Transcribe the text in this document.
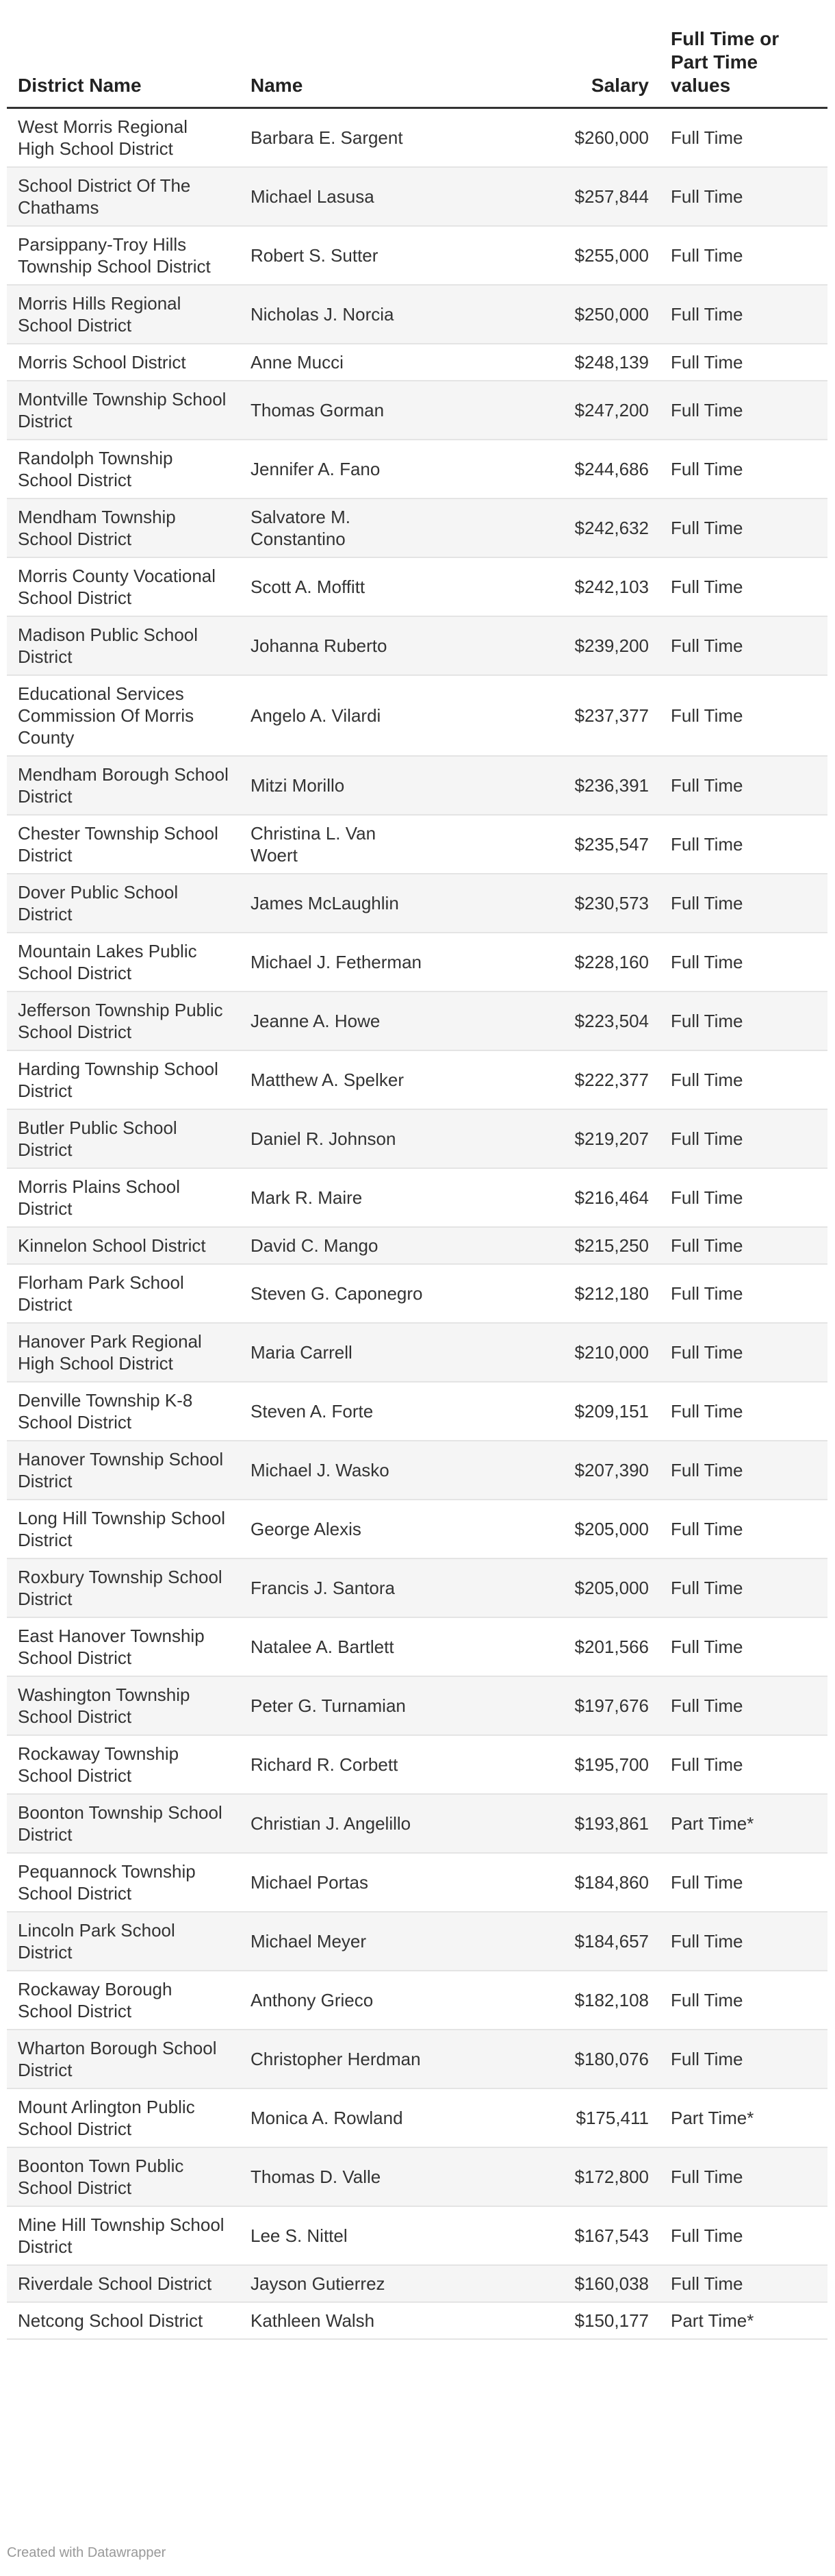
District Name	Name	Salary	Full Time or Part Time values
West Morris Regional High School District	Barbara E. Sargent	$260,000	Full Time
School District Of The Chathams	Michael Lasusa	$257,844	Full Time
Parsippany-Troy Hills Township School District	Robert S. Sutter	$255,000	Full Time
Morris Hills Regional School District	Nicholas J. Norcia	$250,000	Full Time
Morris School District	Anne Mucci	$248,139	Full Time
Montville Township School District	Thomas Gorman	$247,200	Full Time
Randolph Township School District	Jennifer A. Fano	$244,686	Full Time
Mendham Township School District	Salvatore M. Constantino	$242,632	Full Time
Morris County Vocational School District	Scott A. Moffitt	$242,103	Full Time
Madison Public School District	Johanna Ruberto	$239,200	Full Time
Educational Services Commission Of Morris County	Angelo A. Vilardi	$237,377	Full Time
Mendham Borough School District	Mitzi Morillo	$236,391	Full Time
Chester Township School District	Christina L. Van Woert	$235,547	Full Time
Dover Public School District	James McLaughlin	$230,573	Full Time
Mountain Lakes Public School District	Michael J. Fetherman	$228,160	Full Time
Jefferson Township Public School District	Jeanne A. Howe	$223,504	Full Time
Harding Township School District	Matthew A. Spelker	$222,377	Full Time
Butler Public School District	Daniel R. Johnson	$219,207	Full Time
Morris Plains School District	Mark R. Maire	$216,464	Full Time
Kinnelon School District	David C. Mango	$215,250	Full Time
Florham Park School District	Steven G. Caponegro	$212,180	Full Time
Hanover Park Regional High School District	Maria Carrell	$210,000	Full Time
Denville Township K-8 School District	Steven A. Forte	$209,151	Full Time
Hanover Township School District	Michael J. Wasko	$207,390	Full Time
Long Hill Township School District	George Alexis	$205,000	Full Time
Roxbury Township School District	Francis J. Santora	$205,000	Full Time
East Hanover Township School District	Natalee A. Bartlett	$201,566	Full Time
Washington Township School District	Peter G. Turnamian	$197,676	Full Time
Rockaway Township School District	Richard R. Corbett	$195,700	Full Time
Boonton Township School District	Christian J. Angelillo	$193,861	Part Time*
Pequannock Township School District	Michael Portas	$184,860	Full Time
Lincoln Park School District	Michael Meyer	$184,657	Full Time
Rockaway Borough School District	Anthony Grieco	$182,108	Full Time
Wharton Borough School District	Christopher Herdman	$180,076	Full Time
Mount Arlington Public School District	Monica A. Rowland	$175,411	Part Time*
Boonton Town Public School District	Thomas D. Valle	$172,800	Full Time
Mine Hill Township School District	Lee S. Nittel	$167,543	Full Time
Riverdale School District	Jayson Gutierrez	$160,038	Full Time
Netcong School District	Kathleen Walsh	$150,177	Part Time*
Created with Datawrapper
